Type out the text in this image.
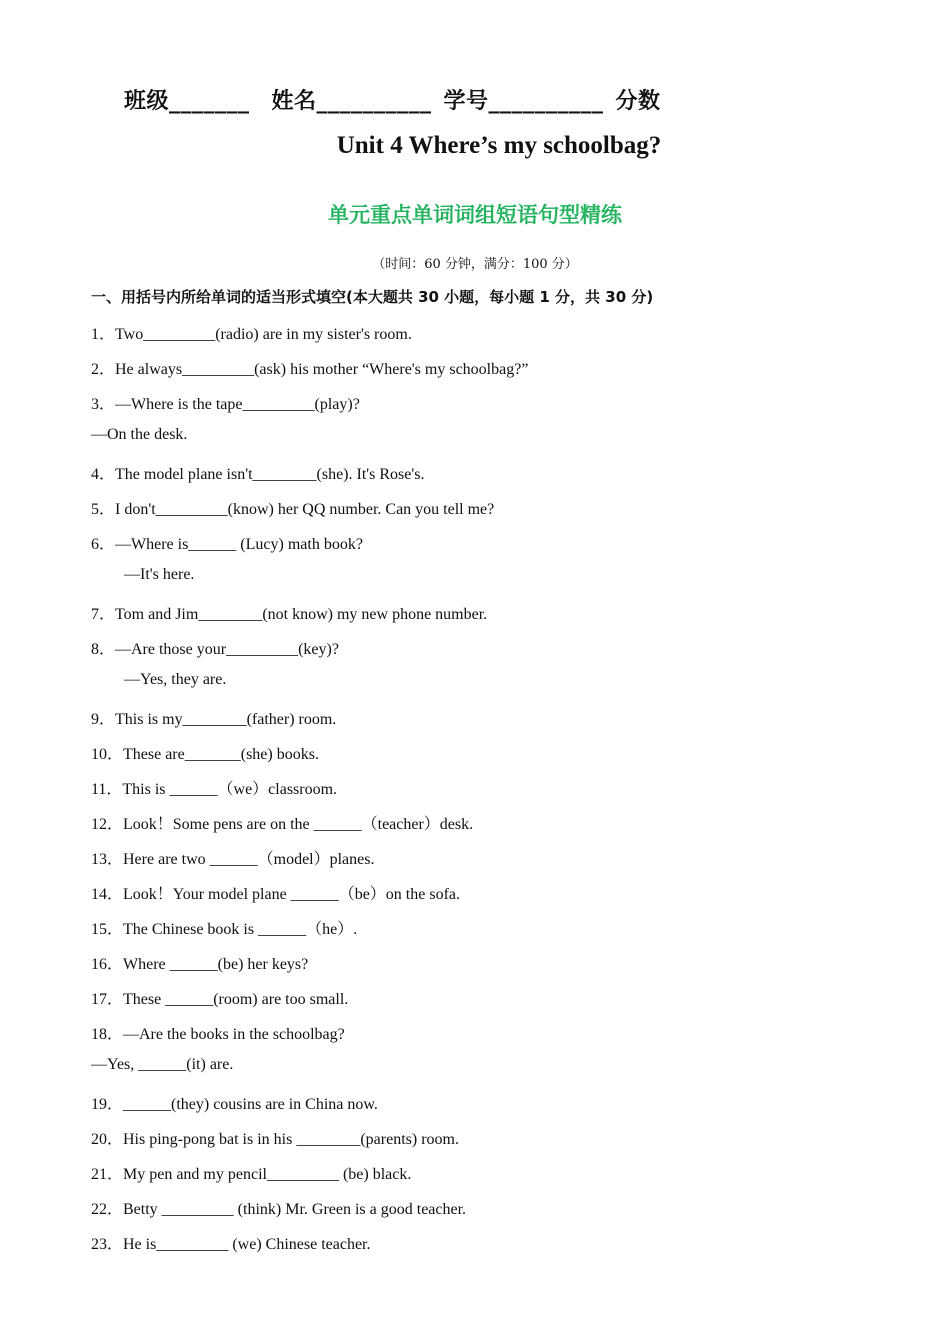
班级_______ 姓名__________ 学号__________ 分数
Unit 4 Where’s my schoolbag?
单元重点单词词组短语句型精练
（时间：60 分钟，满分：100 分）
一、用括号内所给单词的适当形式填空(本大题共 30 小题，每小题 1 分，共 30 分)
1．Two_________(radio) are in my sister's room.
2．He always_________(ask) his mother “Where's my schoolbag?”
3．—Where is the tape_________(play)?
—On the desk.
4．The model plane isn't________(she). It's Rose's.
5．I don't_________(know) her QQ number. Can you tell me?
6．—Where is______ (Lucy) math book?
—It's here.
7．Tom and Jim________(not know) my new phone number.
8．—Are those your_________(key)?
—Yes, they are.
9．This is my________(father) room.
10．These are_______(she) books.
11．This is ______（we）classroom.
12．Look！Some pens are on the ______（teacher）desk.
13．Here are two ______（model）planes.
14．Look！Your model plane ______（be）on the sofa.
15．The Chinese book is ______（he）.
16．Where ______(be) her keys?
17．These ______(room) are too small.
18．—Are the books in the schoolbag?
—Yes, ______(it) are.
19．______(they) cousins are in China now.
20．His ping-pong bat is in his ________(parents) room.
21．My pen and my pencil_________ (be) black.
22．Betty _________ (think) Mr. Green is a good teacher.
23．He is_________ (we) Chinese teacher.
